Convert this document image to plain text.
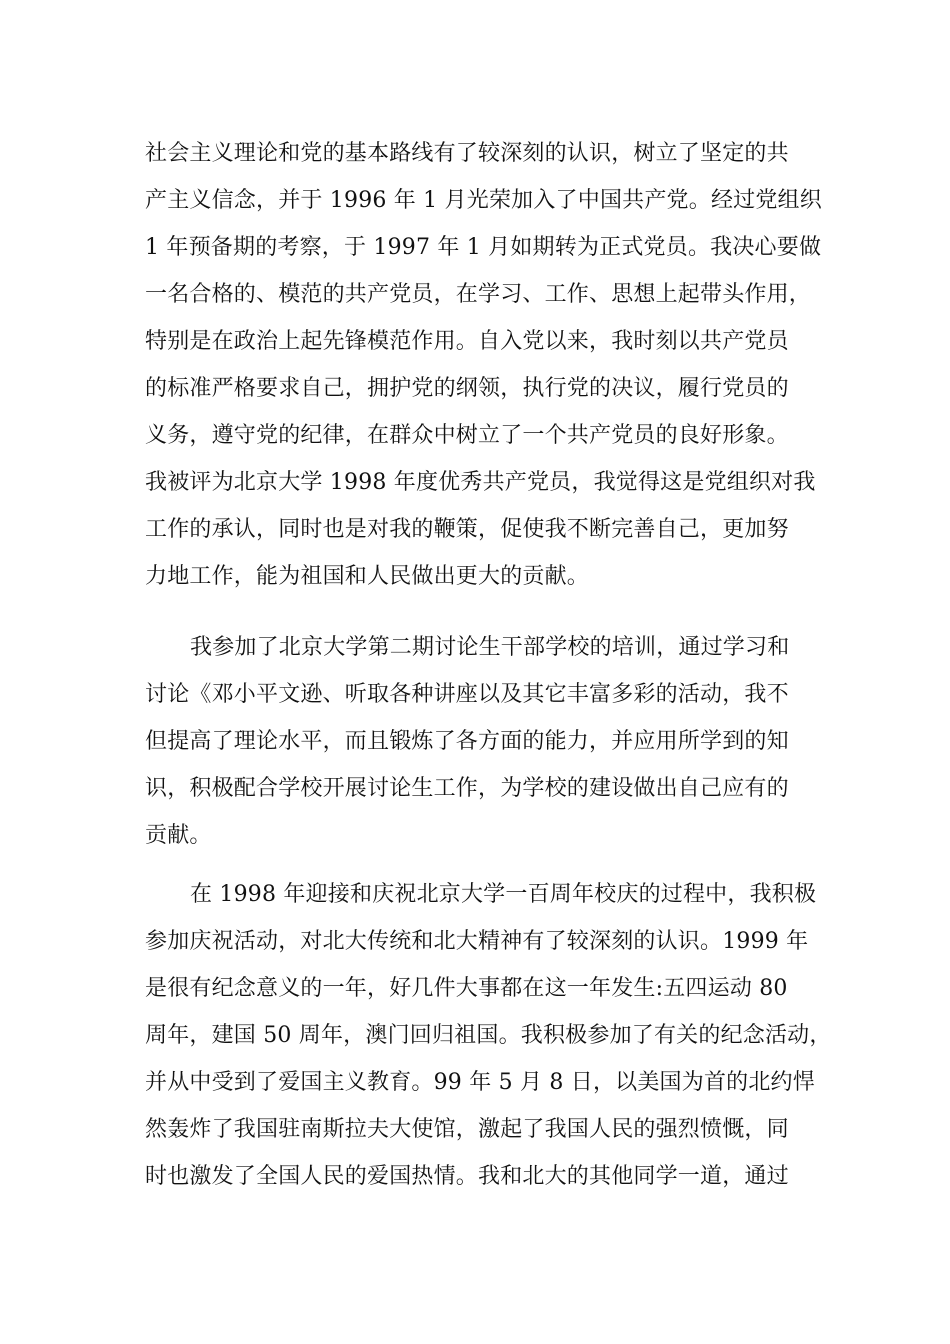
社会主义理论和党的基本路线有了较深刻的认识，树立了坚定的共
产主义信念，并于 1996 年 1 月光荣加入了中国共产党。经过党组织
1 年预备期的考察，于 1997 年 1 月如期转为正式党员。我决心要做
一名合格的、模范的共产党员，在学习、工作、思想上起带头作用，
特别是在政治上起先锋模范作用。自入党以来，我时刻以共产党员
的标准严格要求自己，拥护党的纲领，执行党的决议，履行党员的
义务，遵守党的纪律，在群众中树立了一个共产党员的良好形象。
我被评为北京大学 1998 年度优秀共产党员，我觉得这是党组织对我
工作的承认，同时也是对我的鞭策，促使我不断完善自己，更加努
力地工作，能为祖国和人民做出更大的贡献。
我参加了北京大学第二期讨论生干部学校的培训，通过学习和
讨论《邓小平文逊、听取各种讲座以及其它丰富多彩的活动，我不
但提高了理论水平，而且锻炼了各方面的能力，并应用所学到的知
识，积极配合学校开展讨论生工作，为学校的建设做出自己应有的
贡献。
在 1998 年迎接和庆祝北京大学一百周年校庆的过程中，我积极
参加庆祝活动，对北大传统和北大精神有了较深刻的认识。1999 年
是很有纪念意义的一年，好几件大事都在这一年发生:五四运动 80
周年，建国 50 周年，澳门回归祖国。我积极参加了有关的纪念活动，
并从中受到了爱国主义教育。99 年 5 月 8 日，以美国为首的北约悍
然轰炸了我国驻南斯拉夫大使馆，激起了我国人民的强烈愤慨，同
时也激发了全国人民的爱国热情。我和北大的其他同学一道，通过
